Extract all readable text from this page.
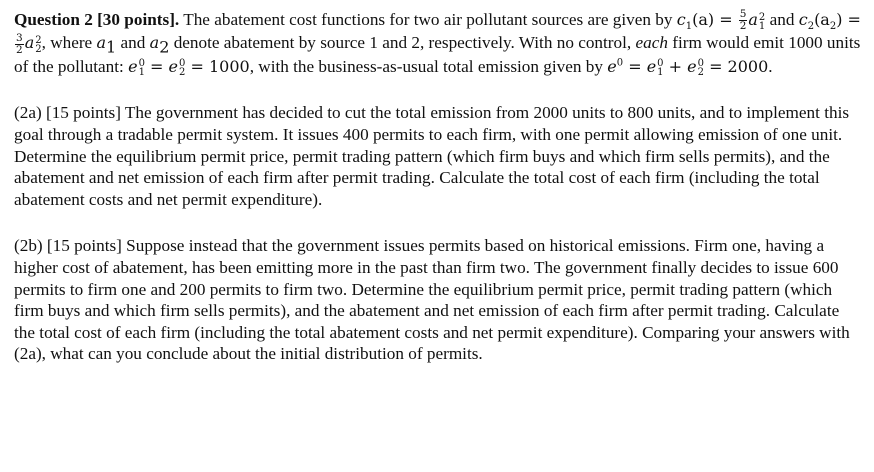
Question 2 [30 points]. The abatement cost functions for two air pollutant sources are given by $c_1(a) = \frac{5}{2}$ a 2
1 and $c_2(a_2)$ =
$\frac{3}{2}$ a 2
2 , where $a_1$ and $a_2$ denote abatement by source 1 and 2, respectively. With no control, each firm would emit 1000 units of the pollutant: e 0
1 = e 0
2 = 1000, with the business-as-usual total emission given by $e^0 = e$ 0
1 + e 0
2 = 2000.

(2a) [15 points] The government has decided to cut the total emission from 2000 units to 800 units, and to implement this goal through a tradable permit system. It issues 400 permits to each firm, with one permit allowing emission of one unit. Determine the equilibrium permit price, permit trading pattern (which firm buys and which firm sells permits), and the abatement and net emission of each firm after permit trading. Calculate the total cost of each firm (including the total abatement costs and net permit expenditure).

(2b) [15 points] Suppose instead that the government issues permits based on historical emissions. Firm one, having a higher cost of abatement, has been emitting more in the past than firm two. The government finally decides to issue 600 permits to firm one and 200 permits to firm two. Determine the equilibrium permit price, permit trading pattern (which firm buys and which firm sells permits), and the abatement and net emission of each firm after permit trading. Calculate the total cost of each firm (including the total abatement costs and net permit expenditure). Comparing your answers with (2a), what can you conclude about the initial distribution of permits.
